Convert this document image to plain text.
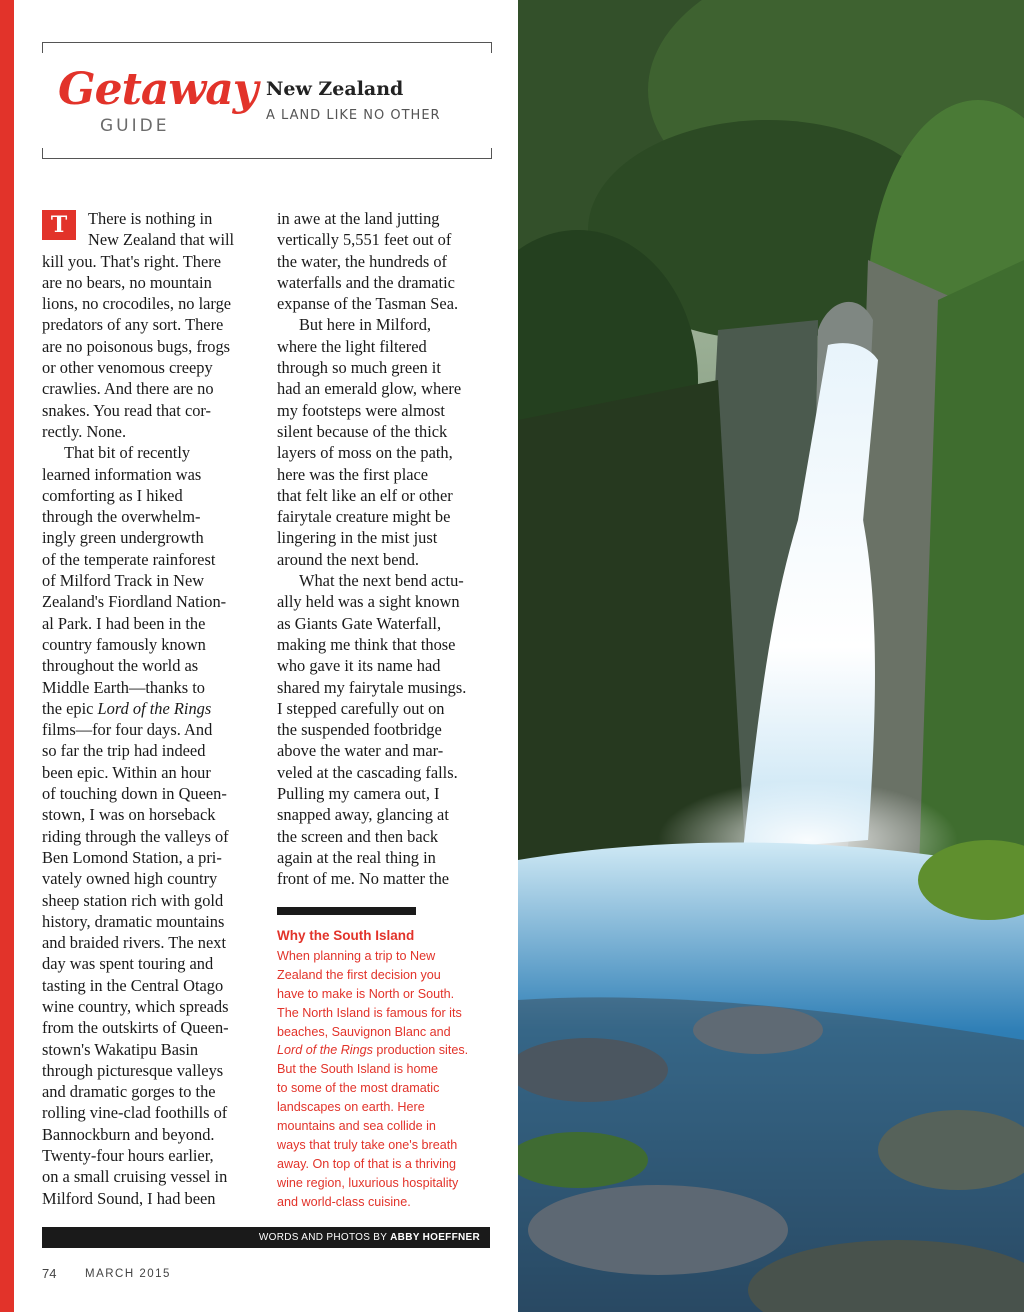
Getaway
GUIDE
New Zealand
A LAND LIKE NO OTHER
T	There is nothing in
New Zealand that will
kill you. That's right. There
are no bears, no mountain
lions, no crocodiles, no large
predators of any sort. There
are no poisonous bugs, frogs
or other venomous creepy
crawlies. And there are no
snakes. You read that cor-
rectly. None.
That bit of recently
learned information was
comforting as I hiked
through the overwhelm-
ingly green undergrowth
of the temperate rainforest
of Milford Track in New
Zealand's Fiordland Nation-
al Park. I had been in the
country famously known
throughout the world as
Middle Earth—thanks to
the epic Lord of the Rings
films—for four days. And
so far the trip had indeed
been epic. Within an hour
of touching down in Queen-
stown, I was on horseback
riding through the valleys of
Ben Lomond Station, a pri-
vately owned high country
sheep station rich with gold
history, dramatic mountains
and braided rivers. The next
day was spent touring and
tasting in the Central Otago
wine country, which spreads
from the outskirts of Queen-
stown's Wakatipu Basin
through picturesque valleys
and dramatic gorges to the
rolling vine-clad foothills of
Bannockburn and beyond.
Twenty-four hours earlier,
on a small cruising vessel in
Milford Sound, I had been
in awe at the land jutting
vertically 5,551 feet out of
the water, the hundreds of
waterfalls and the dramatic
expanse of the Tasman Sea.
But here in Milford,
where the light filtered
through so much green it
had an emerald glow, where
my footsteps were almost
silent because of the thick
layers of moss on the path,
here was the first place
that felt like an elf or other
fairytale creature might be
lingering in the mist just
around the next bend.
What the next bend actu-
ally held was a sight known
as Giants Gate Waterfall,
making me think that those
who gave it its name had
shared my fairytale musings.
I stepped carefully out on
the suspended footbridge
above the water and mar-
veled at the cascading falls.
Pulling my camera out, I
snapped away, glancing at
the screen and then back
again at the real thing in
front of me. No matter the
Why the South Island
When planning a trip to New
Zealand the first decision you
have to make is North or South.
The North Island is famous for its
beaches, Sauvignon Blanc and
Lord of the Rings production sites.
But the South Island is home
to some of the most dramatic
landscapes on earth. Here
mountains and sea collide in
ways that truly take one's breath
away. On top of that is a thriving
wine region, luxurious hospitality
and world-class cuisine.
WORDS AND PHOTOS BY ABBY HOEFFNER
74 MARCH 2015
